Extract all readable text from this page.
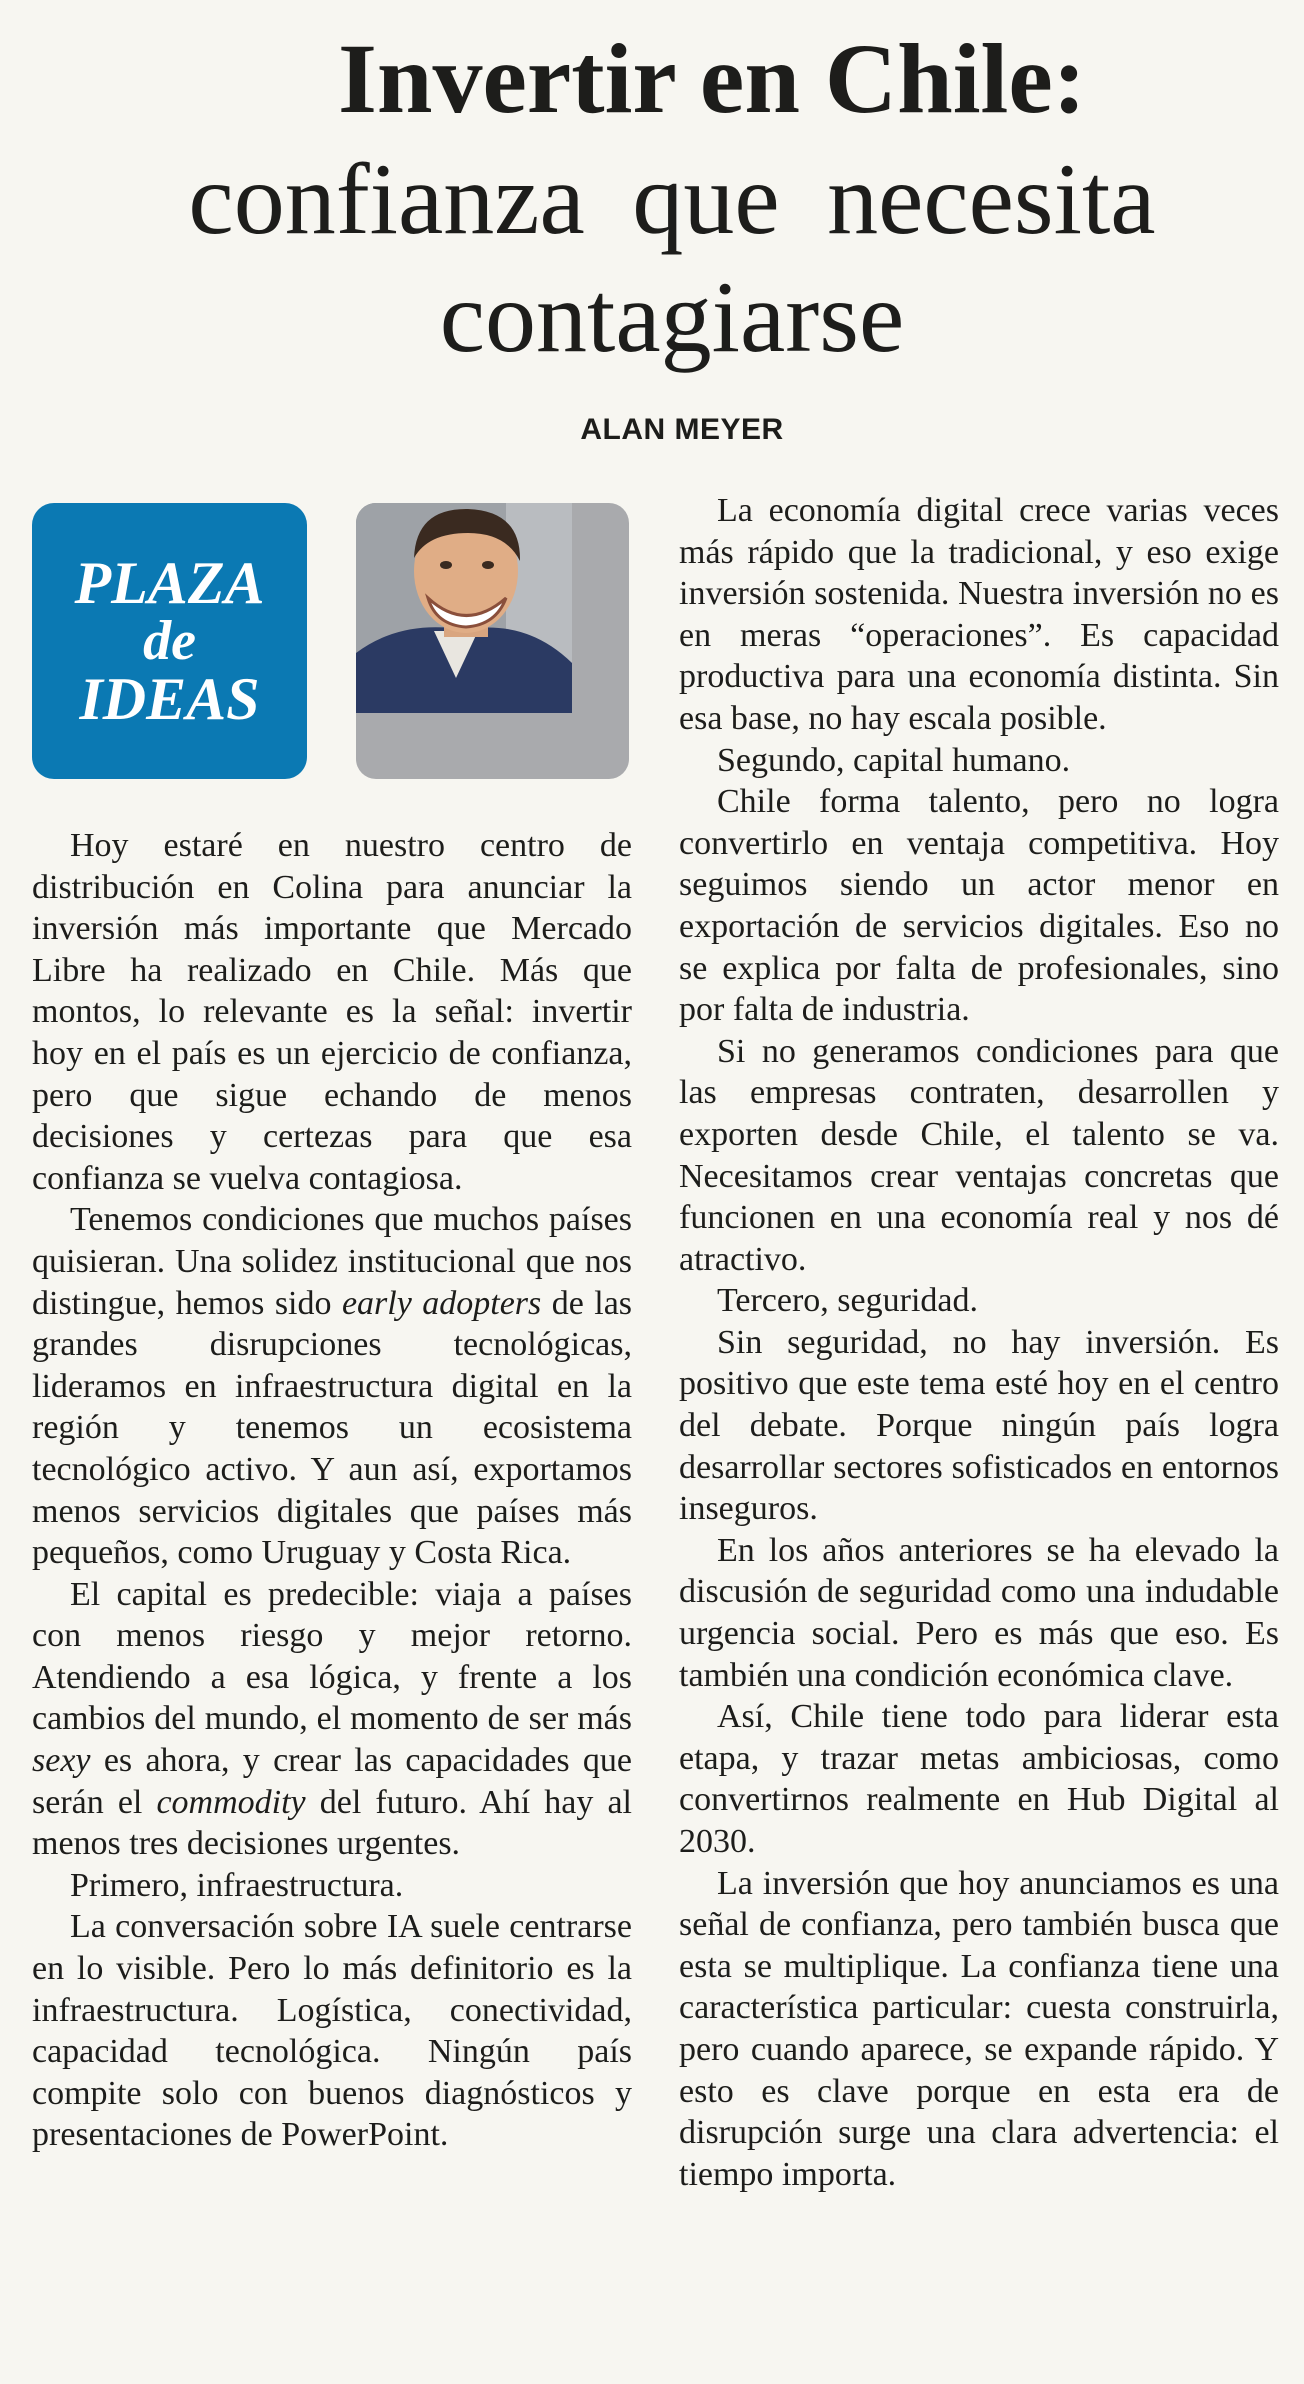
Invertir en Chile:
confianza que necesita
contagiarse
ALAN MEYER
PLAZA
de
IDEAS

Hoy estaré en nuestro centro de distribución en Colina para anunciar la inversión más importante que Mercado Libre ha realizado en Chile. Más que montos, lo relevante es la señal: invertir hoy en el país es un ejercicio de confianza, pero que sigue echando de menos decisiones y certezas para que esa confianza se vuelva contagiosa.

Tenemos condiciones que muchos países quisieran. Una solidez institucional que nos distingue, hemos sido early adopters de las grandes disrupciones tecnológicas, lideramos en infraestructura digital en la región y tenemos un ecosistema tecnológico activo. Y aun así, exportamos menos servicios digitales que países más pequeños, como Uruguay y Costa Rica.

El capital es predecible: viaja a países con menos riesgo y mejor retorno. Atendiendo a esa lógica, y frente a los cambios del mundo, el momento de ser más sexy es ahora, y crear las capacidades que serán el commodity del futuro. Ahí hay al menos tres decisiones urgentes.

Primero, infraestructura.

La conversación sobre IA suele centrarse en lo visible. Pero lo más definitorio es la infraestructura. Logística, conectividad, capacidad tecnológica. Ningún país compite solo con buenos diagnósticos y presentaciones de PowerPoint.

La economía digital crece varias veces más rápido que la tradicional, y eso exige inversión sostenida. Nuestra inversión no es en meras “operaciones”. Es capacidad productiva para una economía distinta. Sin esa base, no hay escala posible.

Segundo, capital humano.

Chile forma talento, pero no logra convertirlo en ventaja competitiva. Hoy seguimos siendo un actor menor en exportación de servicios digitales. Eso no se explica por falta de profesionales, sino por falta de industria.

Si no generamos condiciones para que las empresas contraten, desarrollen y exporten desde Chile, el talento se va. Necesitamos crear ventajas concretas que funcionen en una economía real y nos dé atractivo.

Tercero, seguridad.

Sin seguridad, no hay inversión. Es positivo que este tema esté hoy en el centro del debate. Porque ningún país logra desarrollar sectores sofisticados en entornos inseguros.

En los años anteriores se ha elevado la discusión de seguridad como una indudable urgencia social. Pero es más que eso. Es también una condición económica clave.

Así, Chile tiene todo para liderar esta etapa, y trazar metas ambiciosas, como convertirnos realmente en Hub Digital al 2030.

La inversión que hoy anunciamos es una señal de confianza, pero también busca que esta se multiplique. La confianza tiene una característica particular: cuesta construirla, pero cuando aparece, se expande rápido. Y esto es clave porque en esta era de disrupción surge una clara advertencia: el tiempo importa.
